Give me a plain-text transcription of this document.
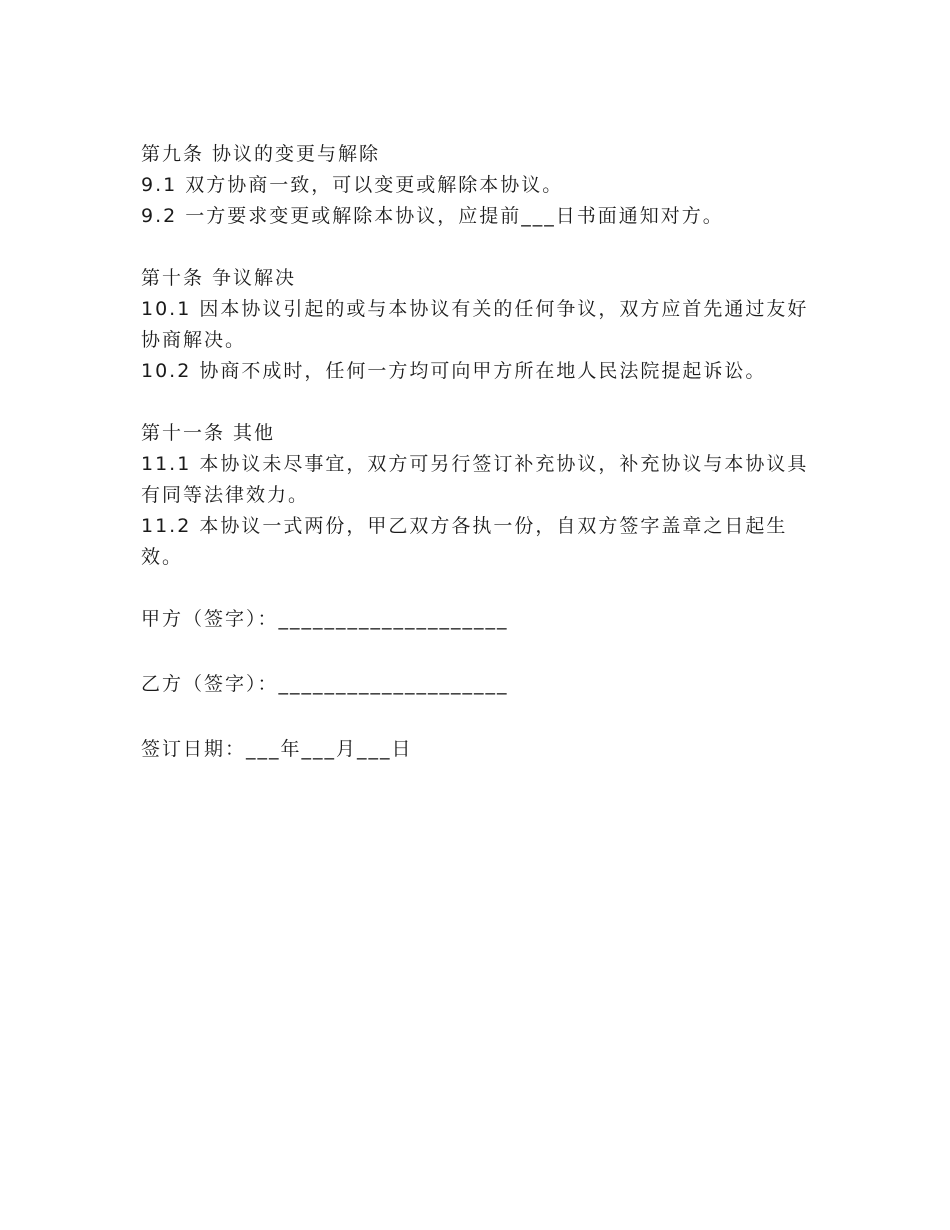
第九条 协议的变更与解除
9.1 双方协商一致，可以变更或解除本协议。
9.2 一方要求变更或解除本协议，应提前___日书面通知对方。
第十条 争议解决
10.1 因本协议引起的或与本协议有关的任何争议，双方应首先通过友好协商解决。
10.2 协商不成时，任何一方均可向甲方所在地人民法院提起诉讼。
第十一条 其他
11.1 本协议未尽事宜，双方可另行签订补充协议，补充协议与本协议具有同等法律效力。
11.2 本协议一式两份，甲乙双方各执一份，自双方签字盖章之日起生效。
甲方（签字）：____________________
乙方（签字）：____________________
签订日期：___年___月___日
